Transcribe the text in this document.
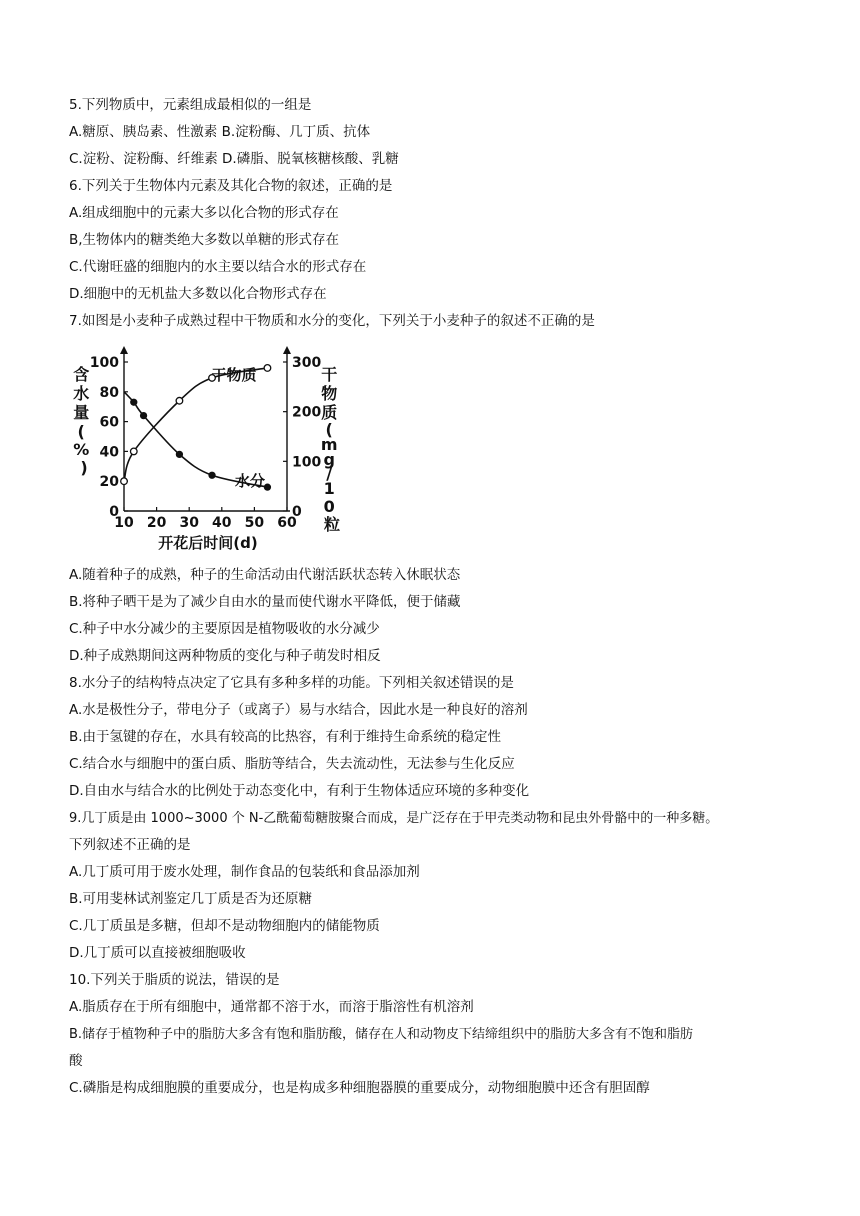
5.下列物质中，元素组成最相似的一组是
A.糖原、胰岛素、性激素 B.淀粉酶、几丁质、抗体
C.淀粉、淀粉酶、纤维素 D.磷脂、脱氧核糖核酸、乳糖
6.下列关于生物体内元素及其化合物的叙述，正确的是
A.组成细胞中的元素大多以化合物的形式存在
B,生物体内的糖类绝大多数以单糖的形式存在
C.代谢旺盛的细胞内的水主要以结合水的形式存在
D.细胞中的无机盐大多数以化合物形式存在
7.如图是小麦种子成熟过程中干物质和水分的变化，下列关于小麦种子的叙述不正确的是
10 20 30 40 50 60
0
20
40
60
80
100
0
100
200
300
含 水 量 ( % )
干 物 质 ( m g / 1 0 粒
开花后时间(d)
干物质
水分
A.随着种子的成熟，种子的生命活动由代谢活跃状态转入休眠状态
B.将种子晒干是为了减少自由水的量而使代谢水平降低，便于储藏
C.种子中水分减少的主要原因是植物吸收的水分减少
D.种子成熟期间这两种物质的变化与种子萌发时相反
8.水分子的结构特点决定了它具有多种多样的功能。下列相关叙述错误的是
A.水是极性分子，带电分子（或离子）易与水结合，因此水是一种良好的溶剂
B.由于氢键的存在，水具有较高的比热容，有利于维持生命系统的稳定性
C.结合水与细胞中的蛋白质、脂肪等结合，失去流动性，无法参与生化反应
D.自由水与结合水的比例处于动态变化中，有利于生物体适应环境的多种变化
9.几丁质是由 1000~3000 个 N-乙酰葡萄糖胺聚合而成，是广泛存在于甲壳类动物和昆虫外骨骼中的一种多糖。
下列叙述不正确的是
A.几丁质可用于废水处理，制作食品的包装纸和食品添加剂
B.可用斐林试剂鉴定几丁质是否为还原糖
C.几丁质虽是多糖，但却不是动物细胞内的储能物质
D.几丁质可以直接被细胞吸收
10.下列关于脂质的说法，错误的是
A.脂质存在于所有细胞中，通常都不溶于水，而溶于脂溶性有机溶剂
B.储存于植物种子中的脂肪大多含有饱和脂肪酸，储存在人和动物皮下结缔组织中的脂肪大多含有不饱和脂肪
酸
C.磷脂是构成细胞膜的重要成分，也是构成多种细胞器膜的重要成分，动物细胞膜中还含有胆固醇
